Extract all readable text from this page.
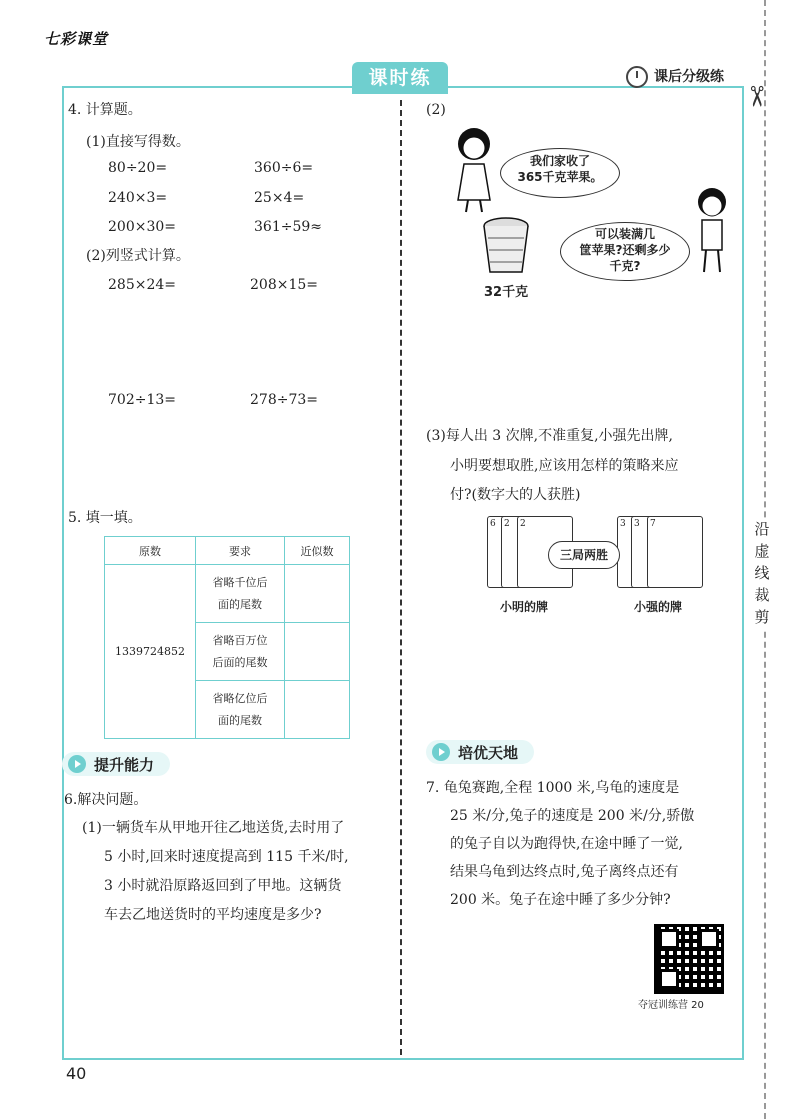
七彩课堂
课时练	课后分级练
✂
沿
虚
线
裁
剪
4. 计算题。
(1)直接写得数。
80÷20=	360÷6=
240×3=	25×4=
200×30=	361÷59≈
(2)列竖式计算。
285×24=	208×15=
702÷13=	278÷73=
5. 填一填。
原数	要求	近似数
1339724852	省略千位后
面的尾数	

	省略百万位
后面的尾数	

	省略亿位后
面的尾数	

提升能力
6.解决问题。
(1)一辆货车从甲地开往乙地送货,去时用了
5 小时,回来时速度提高到 115 千米/时,
3 小时就沿原路返回到了甲地。这辆货
车去乙地送货时的平均速度是多少?
(2)
我们家收了
365千克苹果。
32千克
可以装满几
筐苹果?还剩多少
千克?
(3)每人出 3 次牌,不准重复,小强先出牌,
小明要想取胜,应该用怎样的策略来应
付?(数字大的人获胜)
6 2 2	3 3 7
三局两胜
小明的牌	小强的牌
培优天地
7. 龟兔赛跑,全程 1000 米,乌龟的速度是
25 米/分,兔子的速度是 200 米/分,骄傲
的兔子自以为跑得快,在途中睡了一觉,
结果乌龟到达终点时,兔子离终点还有
200 米。兔子在途中睡了多少分钟?
夺冠训练营 20
40
